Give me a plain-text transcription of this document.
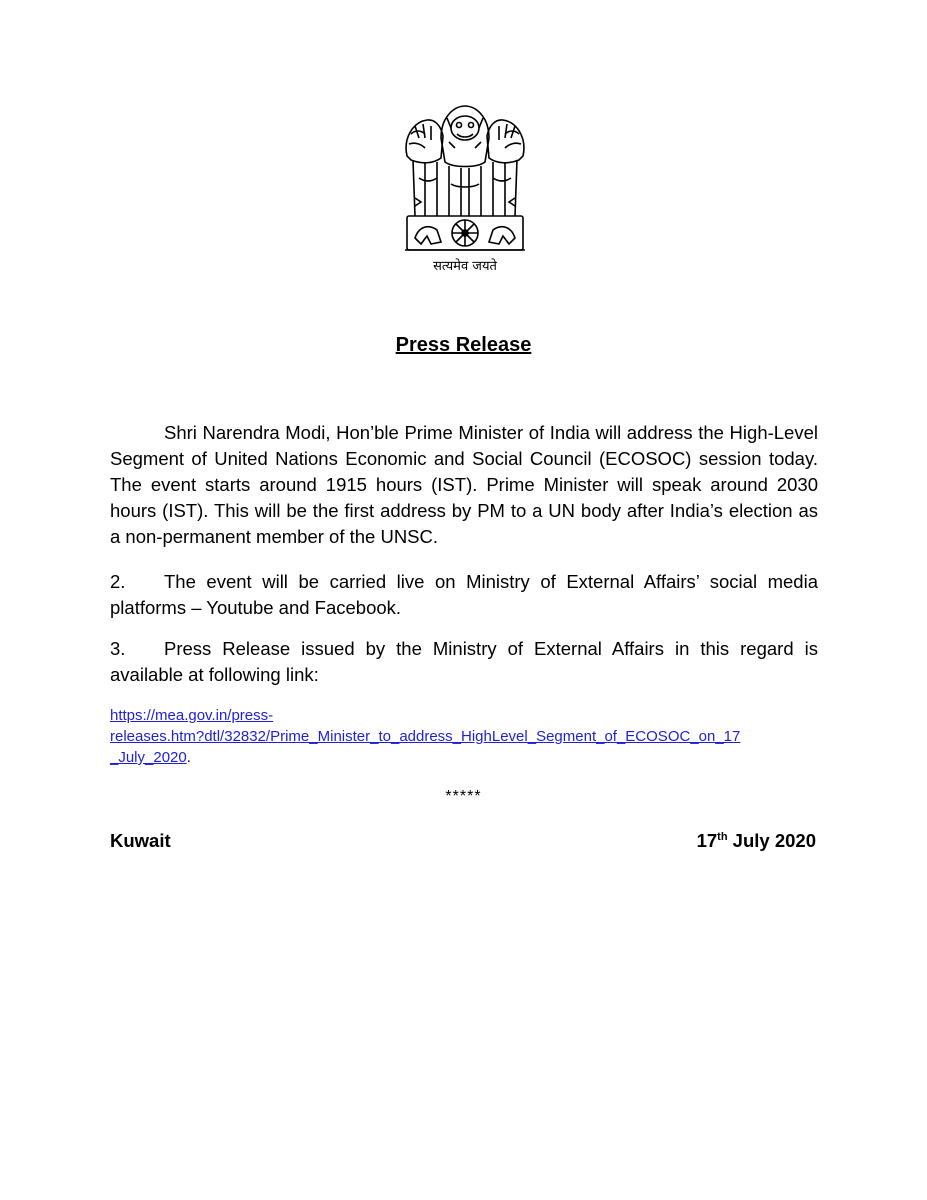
सत्यमेव जयते
Press Release
Shri Narendra Modi, Hon’ble Prime Minister of India will address the High-Level Segment of United Nations Economic and Social Council (ECOSOC) session today. The event starts around 1915 hours (IST). Prime Minister will speak around 2030 hours (IST). This will be the first address by PM to a UN body after India’s election as a non-permanent member of the UNSC.
2. The event will be carried live on Ministry of External Affairs’ social media platforms – Youtube and Facebook.
3. Press Release issued by the Ministry of External Affairs in this regard is available at following link:
https://mea.gov.in/press-
releases.htm?dtl/32832/Prime_Minister_to_address_HighLevel_Segment_of_ECOSOC_on_17
_July_2020.
*****
Kuwait	17th July 2020
